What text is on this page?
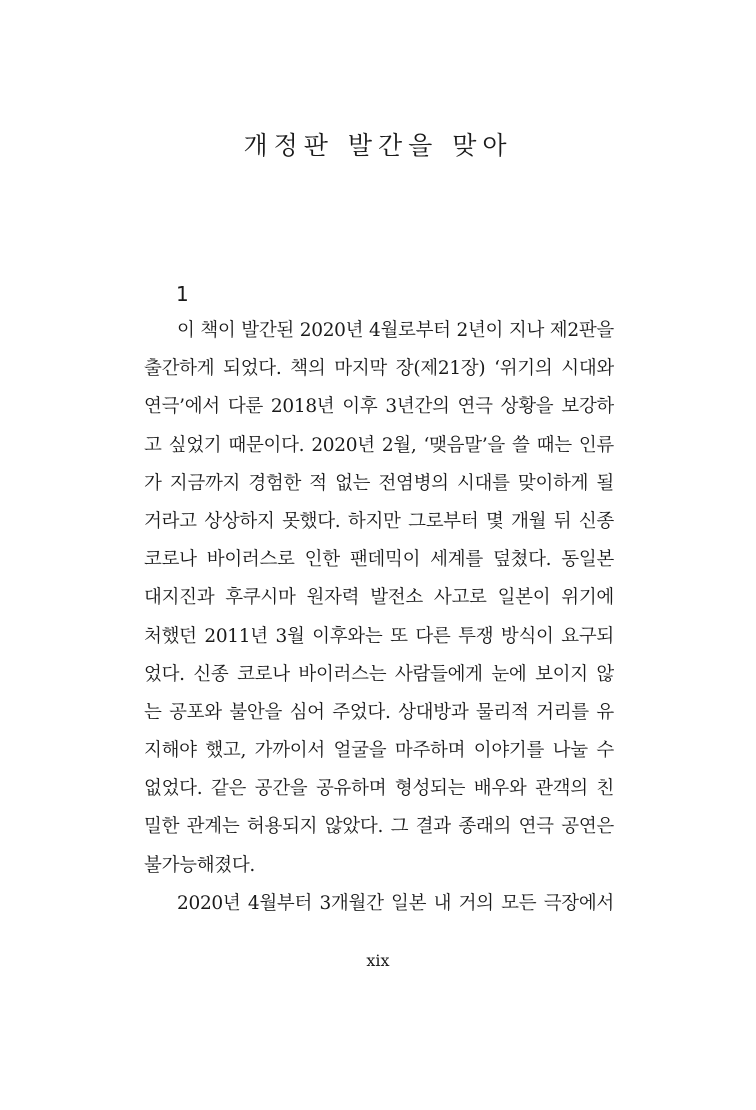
개정판 발간을 맞아
1
이 책이 발간된 2020년 4월로부터 2년이 지나 제2판을
출간하게 되었다. 책의 마지막 장(제21장) ‘위기의 시대와
연극’에서 다룬 2018년 이후 3년간의 연극 상황을 보강하
고 싶었기 때문이다. 2020년 2월, ‘맺음말’을 쓸 때는 인류
가 지금까지 경험한 적 없는 전염병의 시대를 맞이하게 될
거라고 상상하지 못했다. 하지만 그로부터 몇 개월 뒤 신종
코로나 바이러스로 인한 팬데믹이 세계를 덮쳤다. 동일본
대지진과 후쿠시마 원자력 발전소 사고로 일본이 위기에
처했던 2011년 3월 이후와는 또 다른 투쟁 방식이 요구되
었다. 신종 코로나 바이러스는 사람들에게 눈에 보이지 않
는 공포와 불안을 심어 주었다. 상대방과 물리적 거리를 유
지해야 했고, 가까이서 얼굴을 마주하며 이야기를 나눌 수
없었다. 같은 공간을 공유하며 형성되는 배우와 관객의 친
밀한 관계는 허용되지 않았다. 그 결과 종래의 연극 공연은
불가능해졌다.
2020년 4월부터 3개월간 일본 내 거의 모든 극장에서
xix
